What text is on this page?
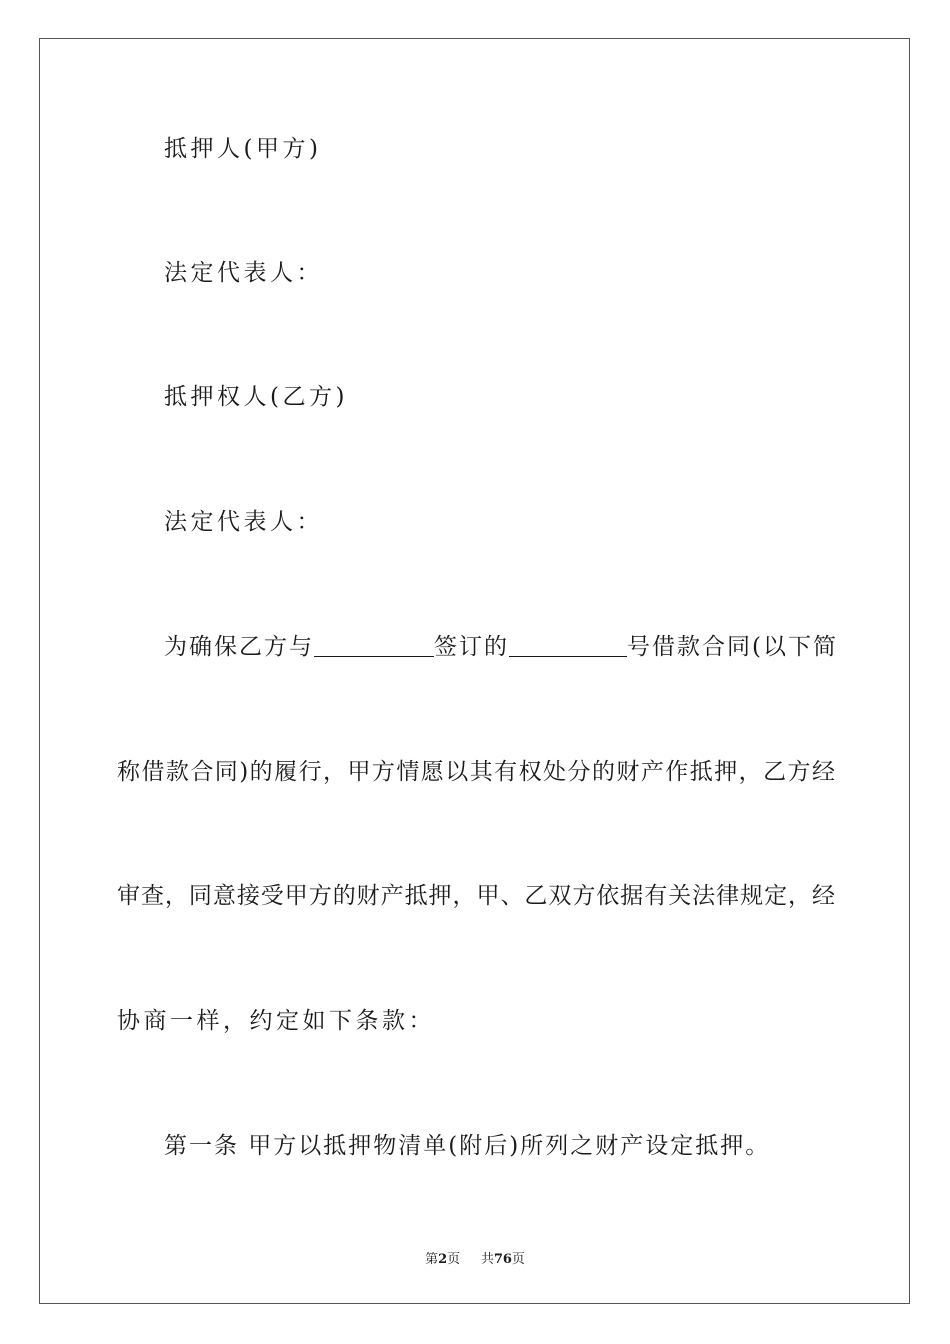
抵押人(甲方)
法定代表人：
抵押权人(乙方)
法定代表人：
为确保乙方与	签订的	号借款合同(以下简
称借款合同)的履行，甲方情愿以其有权处分的财产作抵押，乙方经
审查，同意接受甲方的财产抵押，甲、乙双方依据有关法律规定，经
协商一样，约定如下条款：
第一条 甲方以抵押物清单(附后)所列之财产设定抵押。
第2页 共76页
